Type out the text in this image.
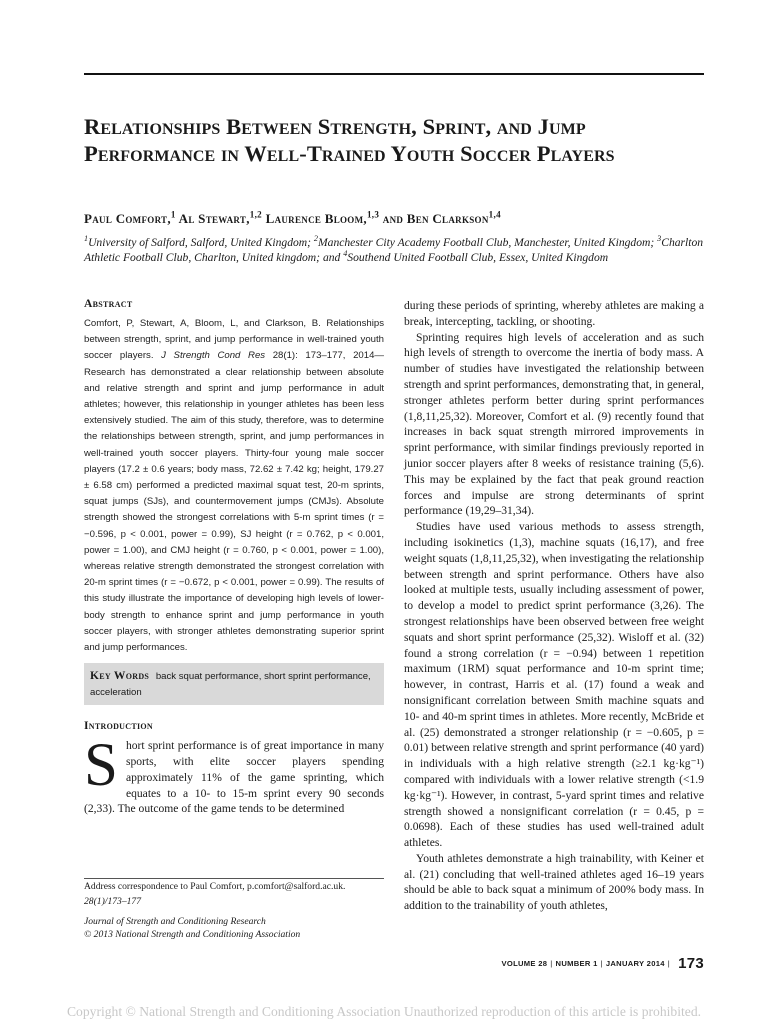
Relationships Between Strength, Sprint, and Jump Performance in Well-Trained Youth Soccer Players
Paul Comfort,$^1$ Al Stewart,$^{1,2}$ Laurence Bloom,$^{1,3}$ and Ben Clarkson$^{1,4}$
$^1$University of Salford, Salford, United Kingdom; $^2$Manchester City Academy Football Club, Manchester, United Kingdom; $^3$Charlton Athletic Football Club, Charlton, United kingdom; and $^4$Southend United Football Club, Essex, United Kingdom
Abstract
Comfort, P, Stewart, A, Bloom, L, and Clarkson, B. Relationships between strength, sprint, and jump performance in well-trained youth soccer players. J Strength Cond Res 28(1): 173–177, 2014—Research has demonstrated a clear relationship between absolute and relative strength and sprint and jump performance in adult athletes; however, this relationship in younger athletes has been less extensively studied. The aim of this study, therefore, was to determine the relationships between strength, sprint, and jump performances in well-trained youth soccer players. Thirty-four young male soccer players (17.2 ± 0.6 years; body mass, 72.62 ± 7.42 kg; height, 179.27 ± 6.58 cm) performed a predicted maximal squat test, 20-m sprints, squat jumps (SJs), and countermovement jumps (CMJs). Absolute strength showed the strongest correlations with 5-m sprint times (r = −0.596, p < 0.001, power = 0.99), SJ height (r = 0.762, p < 0.001, power = 1.00), and CMJ height (r = 0.760, p < 0.001, power = 1.00), whereas relative strength demonstrated the strongest correlation with 20-m sprint times (r = −0.672, p < 0.001, power = 0.99). The results of this study illustrate the importance of developing high levels of lower-body strength to enhance sprint and jump performance in youth soccer players, with stronger athletes demonstrating superior sprint and jump performances.
Key Words back squat performance, short sprint performance, acceleration
Introduction
Short sprint performance is of great importance in many sports, with elite soccer players spending approximately 11% of the game sprinting, which equates to a 10- to 15-m sprint every 90 seconds (2,33). The outcome of the game tends to be determined
Address correspondence to Paul Comfort, p.comfort@salford.ac.uk.
28(1)/173–177
Journal of Strength and Conditioning Research
© 2013 National Strength and Conditioning Association

during these periods of sprinting, whereby athletes are making a break, intercepting, tackling, or shooting.

Sprinting requires high levels of acceleration and as such high levels of strength to overcome the inertia of body mass. A number of studies have investigated the relationship between strength and sprint performances, demonstrating that, in general, stronger athletes perform better during sprint performances (1,8,11,25,32). Moreover, Comfort et al. (9) recently found that increases in back squat strength mirrored improvements in sprint performance, with similar findings previously reported in junior soccer players after 8 weeks of resistance training (5,6). This may be explained by the fact that peak ground reaction forces and impulse are strong determinants of sprint performance (19,29–31,34).

Studies have used various methods to assess strength, including isokinetics (1,3), machine squats (16,17), and free weight squats (1,8,11,25,32), when investigating the relationship between strength and sprint performance. Others have also looked at multiple tests, usually including assessment of power, to develop a model to predict sprint performance (3,26). The strongest relationships have been observed between free weight squats and short sprint performance (25,32). Wisloff et al. (32) found a strong correlation (r = −0.94) between 1 repetition maximum (1RM) squat performance and 10-m sprint time; however, in contrast, Harris et al. (17) found a weak and nonsignificant correlation between Smith machine squats and 10- and 40-m sprint times in athletes. More recently, McBride et al. (25) demonstrated a stronger relationship (r = −0.605, p = 0.01) between relative strength and sprint performance (40 yard) in individuals with a high relative strength (≥2.1 kg·kg⁻¹) compared with individuals with a lower relative strength (<1.9 kg·kg⁻¹). However, in contrast, 5-yard sprint times and relative strength showed a nonsignificant correlation (r = 0.45, p = 0.0698). Each of these studies has used well-trained adult athletes.

Youth athletes demonstrate a high trainability, with Keiner et al. (21) concluding that well-trained athletes aged 16–19 years should be able to back squat a minimum of 200% body mass. In addition to the trainability of youth athletes,

VOLUME 28 | NUMBER 1 | JANUARY 2014 | 173
Copyright © National Strength and Conditioning Association Unauthorized reproduction of this article is prohibited.
